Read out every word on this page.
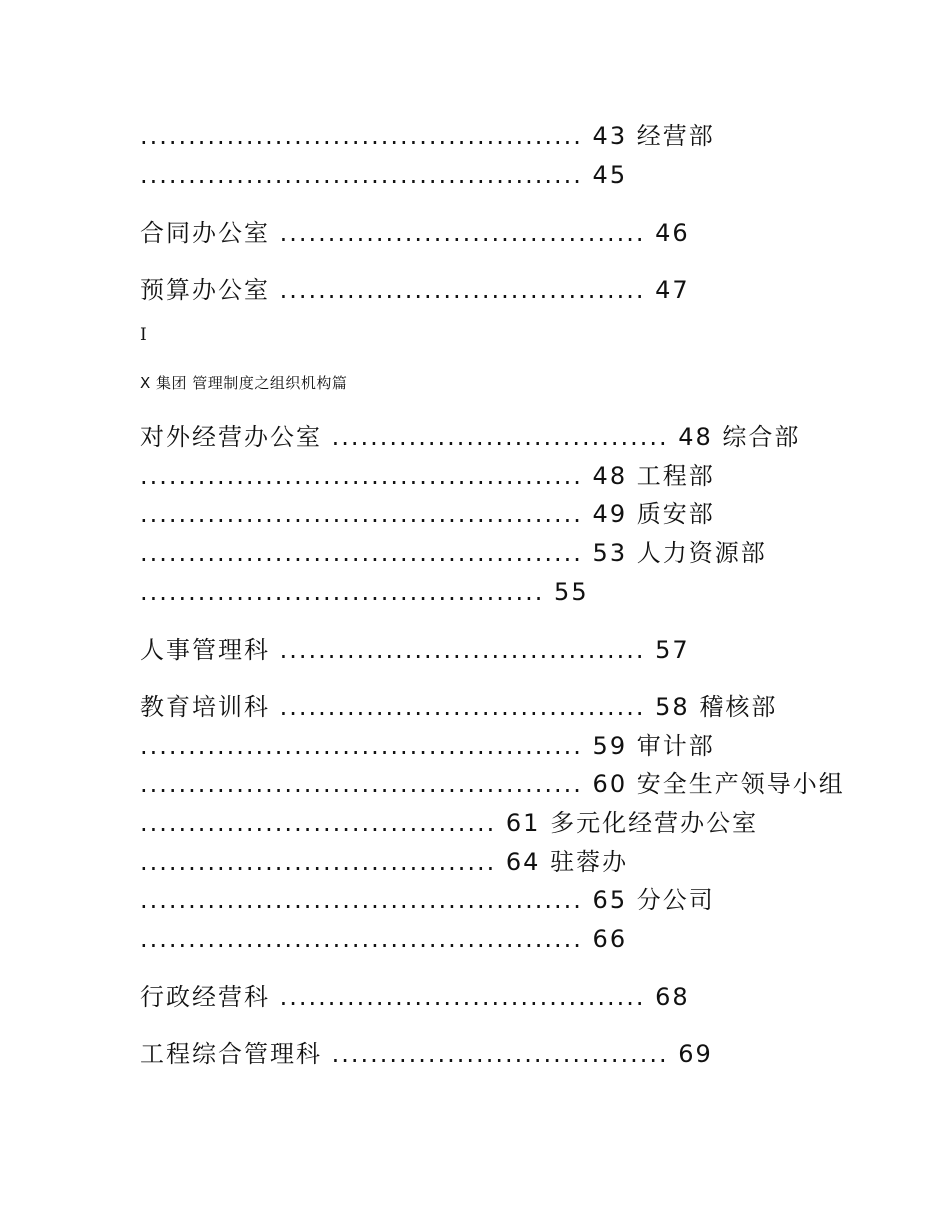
.............................................. 43 经营部
.............................................. 45
合同办公室 ...................................... 46
预算办公室 ...................................... 47
I
X 集团 管理制度之组织机构篇
对外经营办公室 ................................... 48 综合部
.............................................. 48 工程部
.............................................. 49 质安部
.............................................. 53 人力资源部
.......................................... 55
人事管理科 ...................................... 57
教育培训科 ...................................... 58 稽核部
.............................................. 59 审计部
.............................................. 60 安全生产领导小组
..................................... 61 多元化经营办公室
..................................... 64 驻蓉办
.............................................. 65 分公司
.............................................. 66
行政经营科 ...................................... 68
工程综合管理科 ................................... 69
